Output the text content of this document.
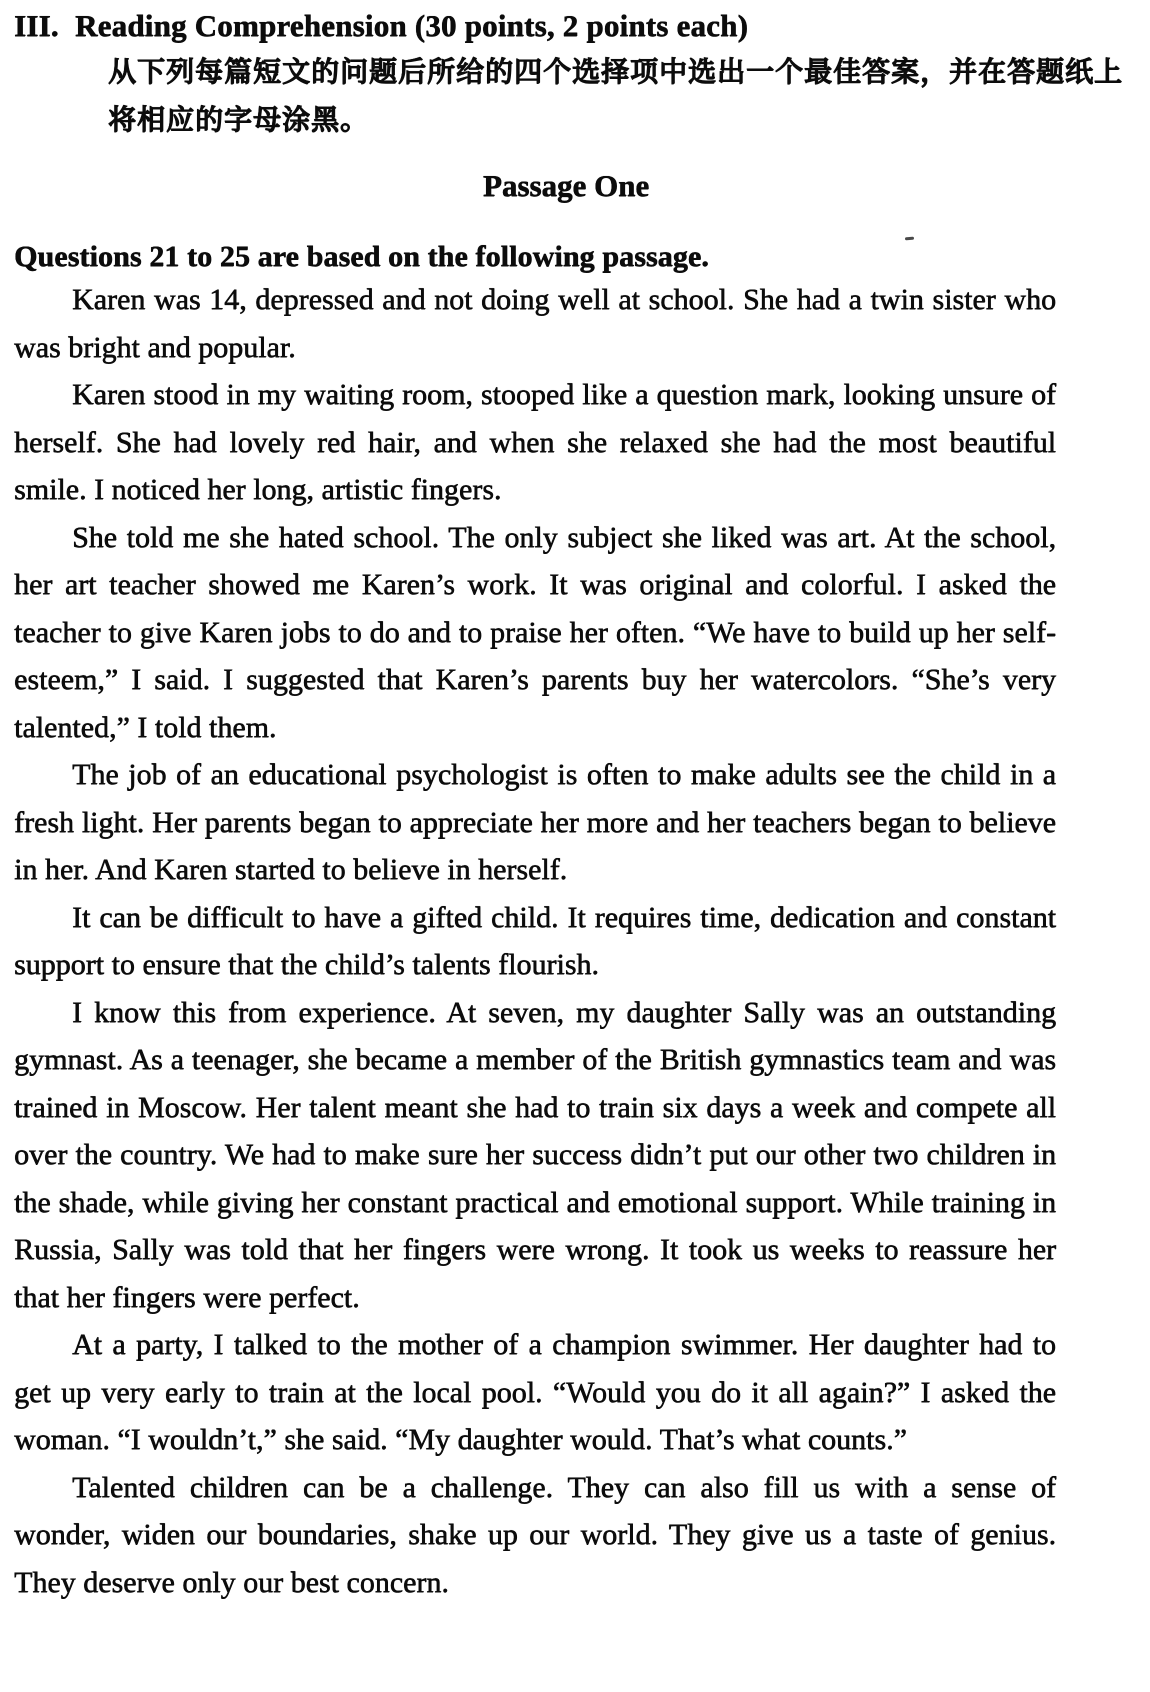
III. Reading Comprehension (30 points, 2 points each)
从下列每篇短文的问题后所给的四个选择项中选出一个最佳答案，并在答题纸上
将相应的字母涂黑。
Passage One
Questions 21 to 25 are based on the following passage.

Karen was 14, depressed and not doing well at school. She had a twin sister who was bright and popular.

Karen stood in my waiting room, stooped like a question mark, looking unsure of herself. She had lovely red hair, and when she relaxed she had the most beautiful smile. I noticed her long, artistic fingers.

She told me she hated school. The only subject she liked was art. At the school, her art teacher showed me Karen’s work. It was original and colorful. I asked the teacher to give Karen jobs to do and to praise her often. “We have to build up her self-esteem,” I said. I suggested that Karen’s parents buy her watercolors. “She’s very talented,” I told them.

The job of an educational psychologist is often to make adults see the child in a fresh light. Her parents began to appreciate her more and her teachers began to believe in her. And Karen started to believe in herself.

It can be difficult to have a gifted child. It requires time, dedication and constant support to ensure that the child’s talents flourish.

I know this from experience. At seven, my daughter Sally was an outstanding gymnast. As a teenager, she became a member of the British gymnastics team and was trained in Moscow. Her talent meant she had to train six days a week and compete all over the country. We had to make sure her success didn’t put our other two children in the shade, while giving her constant practical and emotional support. While training in Russia, Sally was told that her fingers were wrong. It took us weeks to reassure her that her fingers were perfect.

At a party, I talked to the mother of a champion swimmer. Her daughter had to get up very early to train at the local pool. “Would you do it all again?” I asked the woman. “I wouldn’t,” she said. “My daughter would. That’s what counts.”

Talented children can be a challenge. They can also fill us with a sense of wonder, widen our boundaries, shake up our world. They give us a taste of genius. They deserve only our best concern.
